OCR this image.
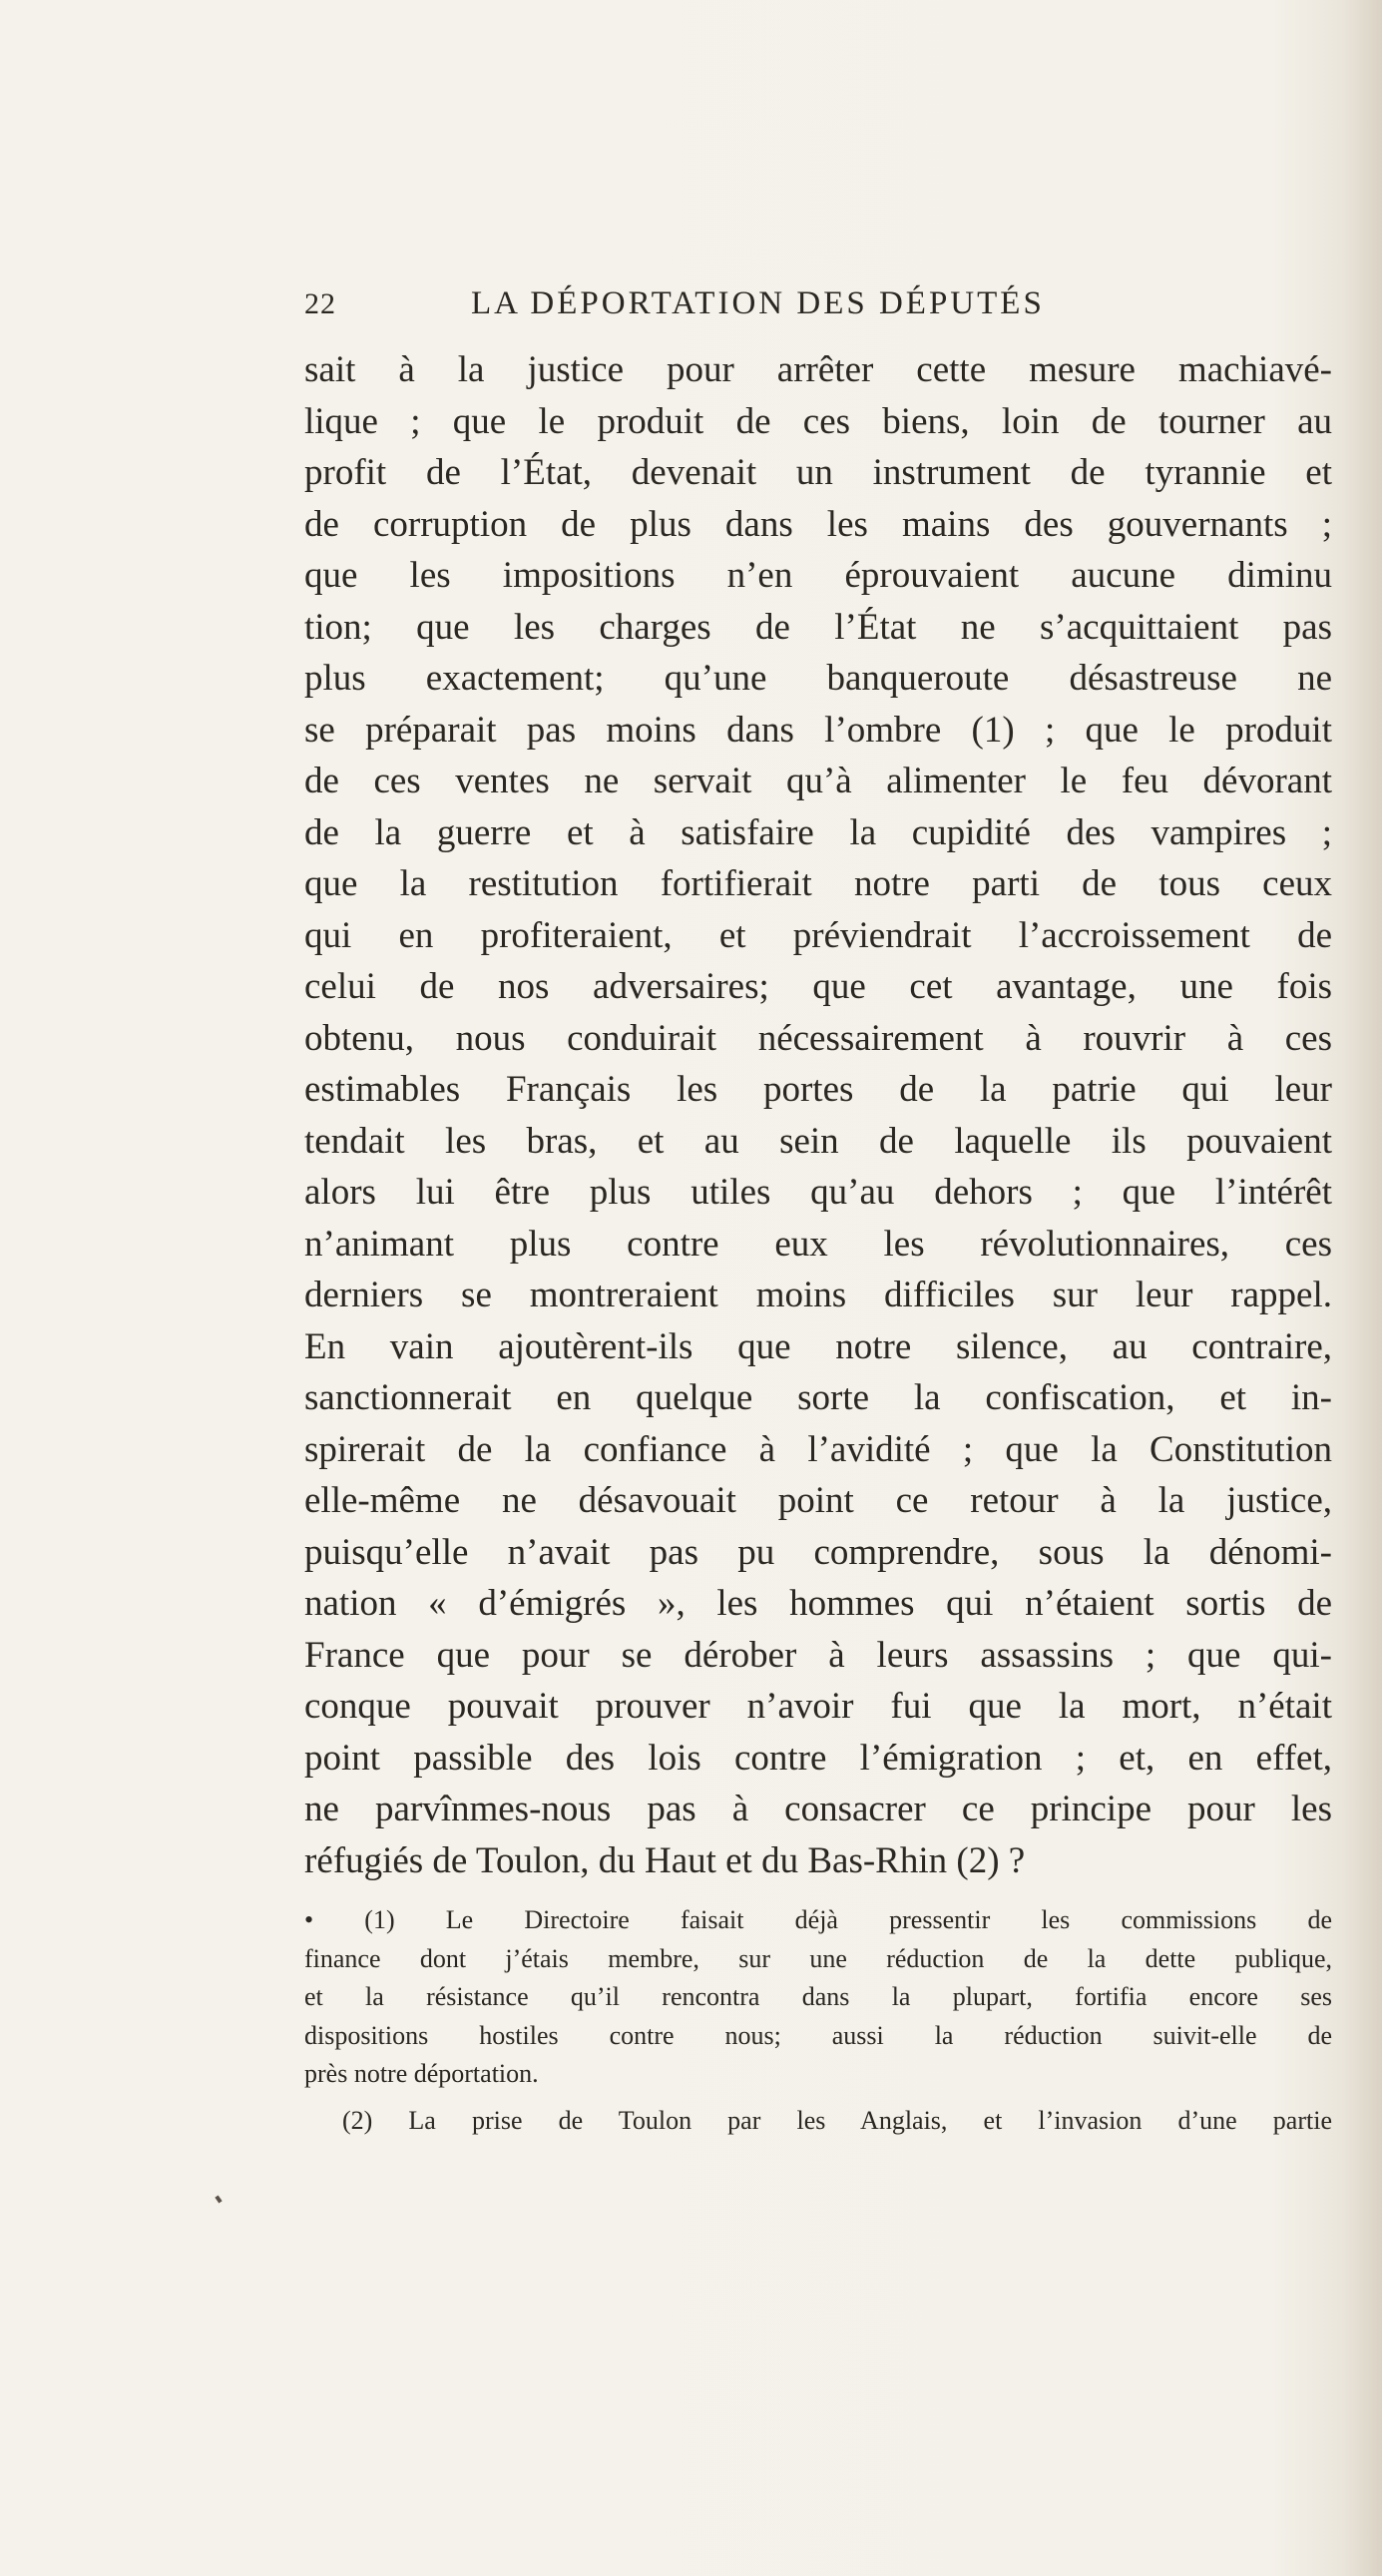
22	LA DÉPORTATION DES DÉPUTÉS
sait à la justice pour arrêter cette mesure machiavé-
lique ; que le produit de ces biens, loin de tourner au
profit de l’État, devenait un instrument de tyrannie et
de corruption de plus dans les mains des gouvernants ;
que les impositions n’en éprouvaient aucune diminu
tion; que les charges de l’État ne s’acquittaient pas
plus exactement; qu’une banqueroute désastreuse ne
se préparait pas moins dans l’ombre (1) ; que le produit
de ces ventes ne servait qu’à alimenter le feu dévorant
de la guerre et à satisfaire la cupidité des vampires ;
que la restitution fortifierait notre parti de tous ceux
qui en profiteraient, et préviendrait l’accroissement de
celui de nos adversaires; que cet avantage, une fois
obtenu, nous conduirait nécessairement à rouvrir à ces
estimables Français les portes de la patrie qui leur
tendait les bras, et au sein de laquelle ils pouvaient
alors lui être plus utiles qu’au dehors ; que l’intérêt
n’animant plus contre eux les révolutionnaires, ces
derniers se montreraient moins difficiles sur leur rappel.
En vain ajoutèrent-ils que notre silence, au contraire,
sanctionnerait en quelque sorte la confiscation, et in-
spirerait de la confiance à l’avidité ; que la Constitution
elle-même ne désavouait point ce retour à la justice,
puisqu’elle n’avait pas pu comprendre, sous la dénomi-
nation « d’émigrés », les hommes qui n’étaient sortis de
France que pour se dérober à leurs assassins ; que qui-
conque pouvait prouver n’avoir fui que la mort, n’était
point passible des lois contre l’émigration ; et, en effet,
ne parvînmes-nous pas à consacrer ce principe pour les
réfugiés de Toulon, du Haut et du Bas-Rhin (2) ?
• (1) Le Directoire faisait déjà pressentir les commissions de
finance dont j’étais membre, sur une réduction de la dette publique,
et la résistance qu’il rencontra dans la plupart, fortifia encore ses
dispositions hostiles contre nous; aussi la réduction suivit-elle de
près notre déportation.
(2) La prise de Toulon par les Anglais, et l’invasion d’une partie
